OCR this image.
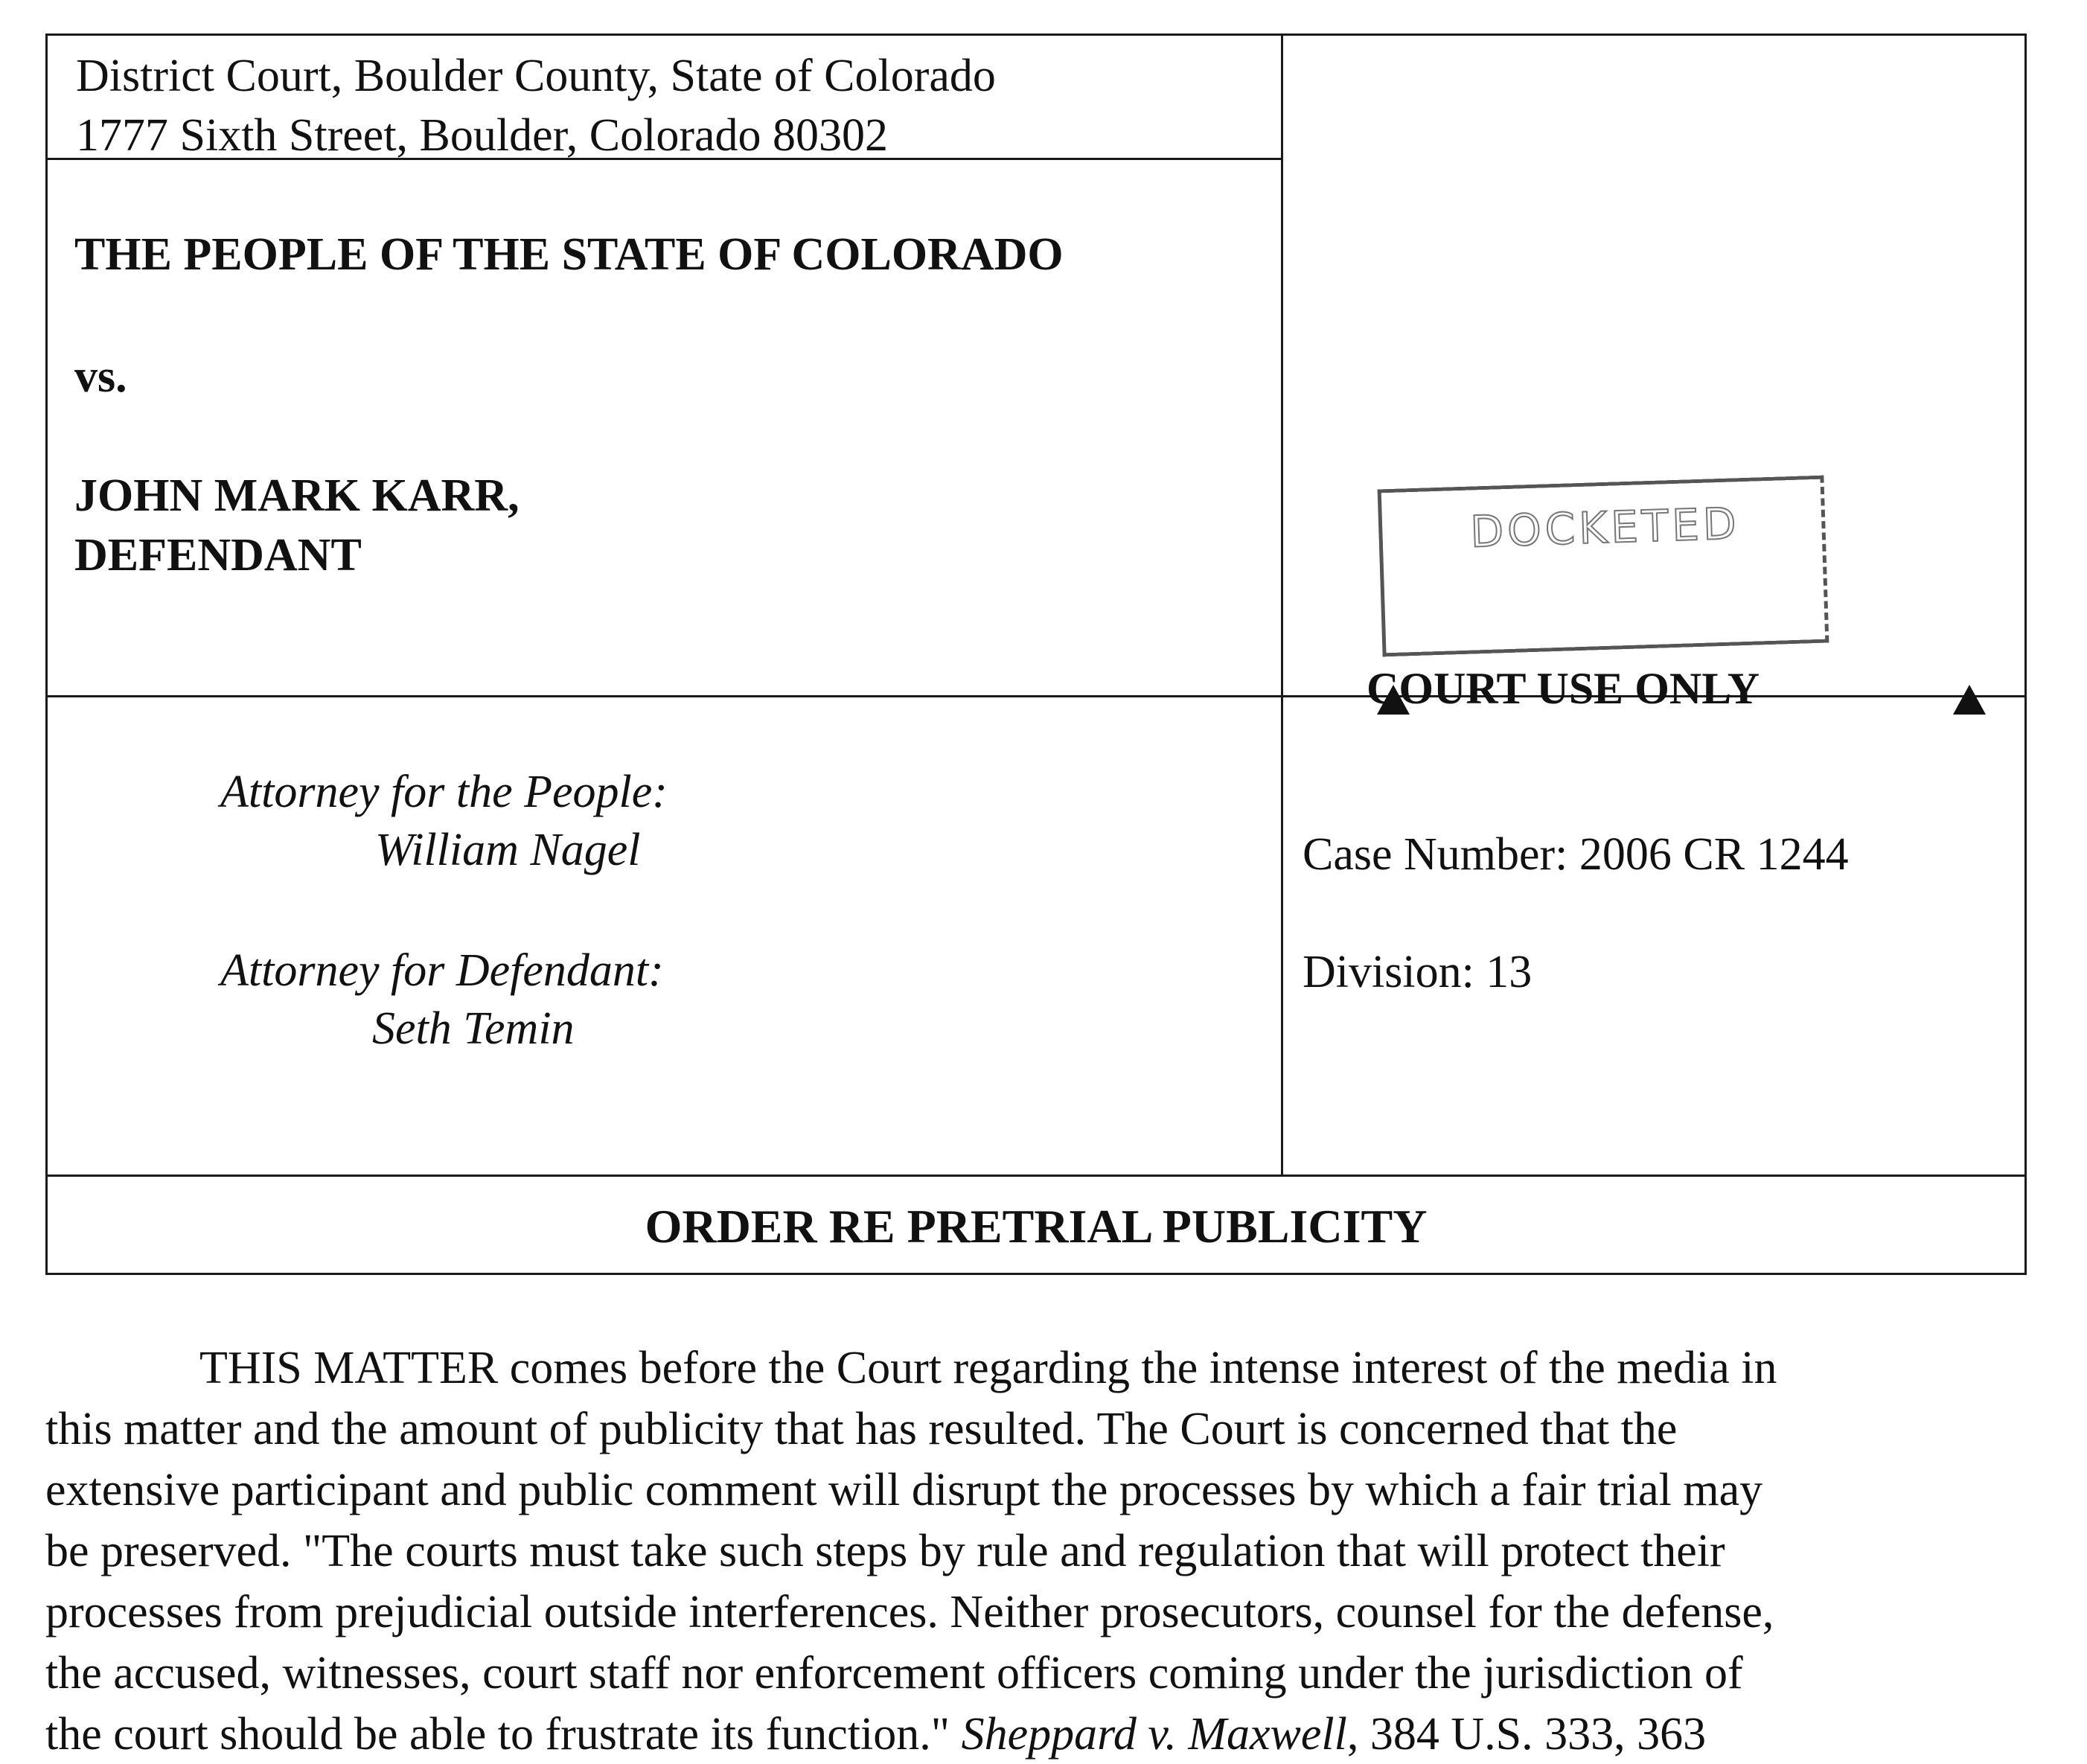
District Court, Boulder County, State of Colorado
1777 Sixth Street, Boulder, Colorado 80302
THE PEOPLE OF THE STATE OF COLORADO
vs.
JOHN MARK KARR,
DEFENDANT	DOCKETED
COURT USE ONLY
Attorney for the People:
William Nagel
Attorney for Defendant:
Seth Temin
Case Number: 2006 CR 1244
Division: 13
ORDER RE PRETRIAL PUBLICITY
THIS MATTER comes before the Court regarding the intense interest of the media in
this matter and the amount of publicity that has resulted. The Court is concerned that the
extensive participant and public comment will disrupt the processes by which a fair trial may
be preserved. "The courts must take such steps by rule and regulation that will protect their
processes from prejudicial outside interferences. Neither prosecutors, counsel for the defense,
the accused, witnesses, court staff nor enforcement officers coming under the jurisdiction of
the court should be able to frustrate its function." Sheppard v. Maxwell, 384 U.S. 333, 363
